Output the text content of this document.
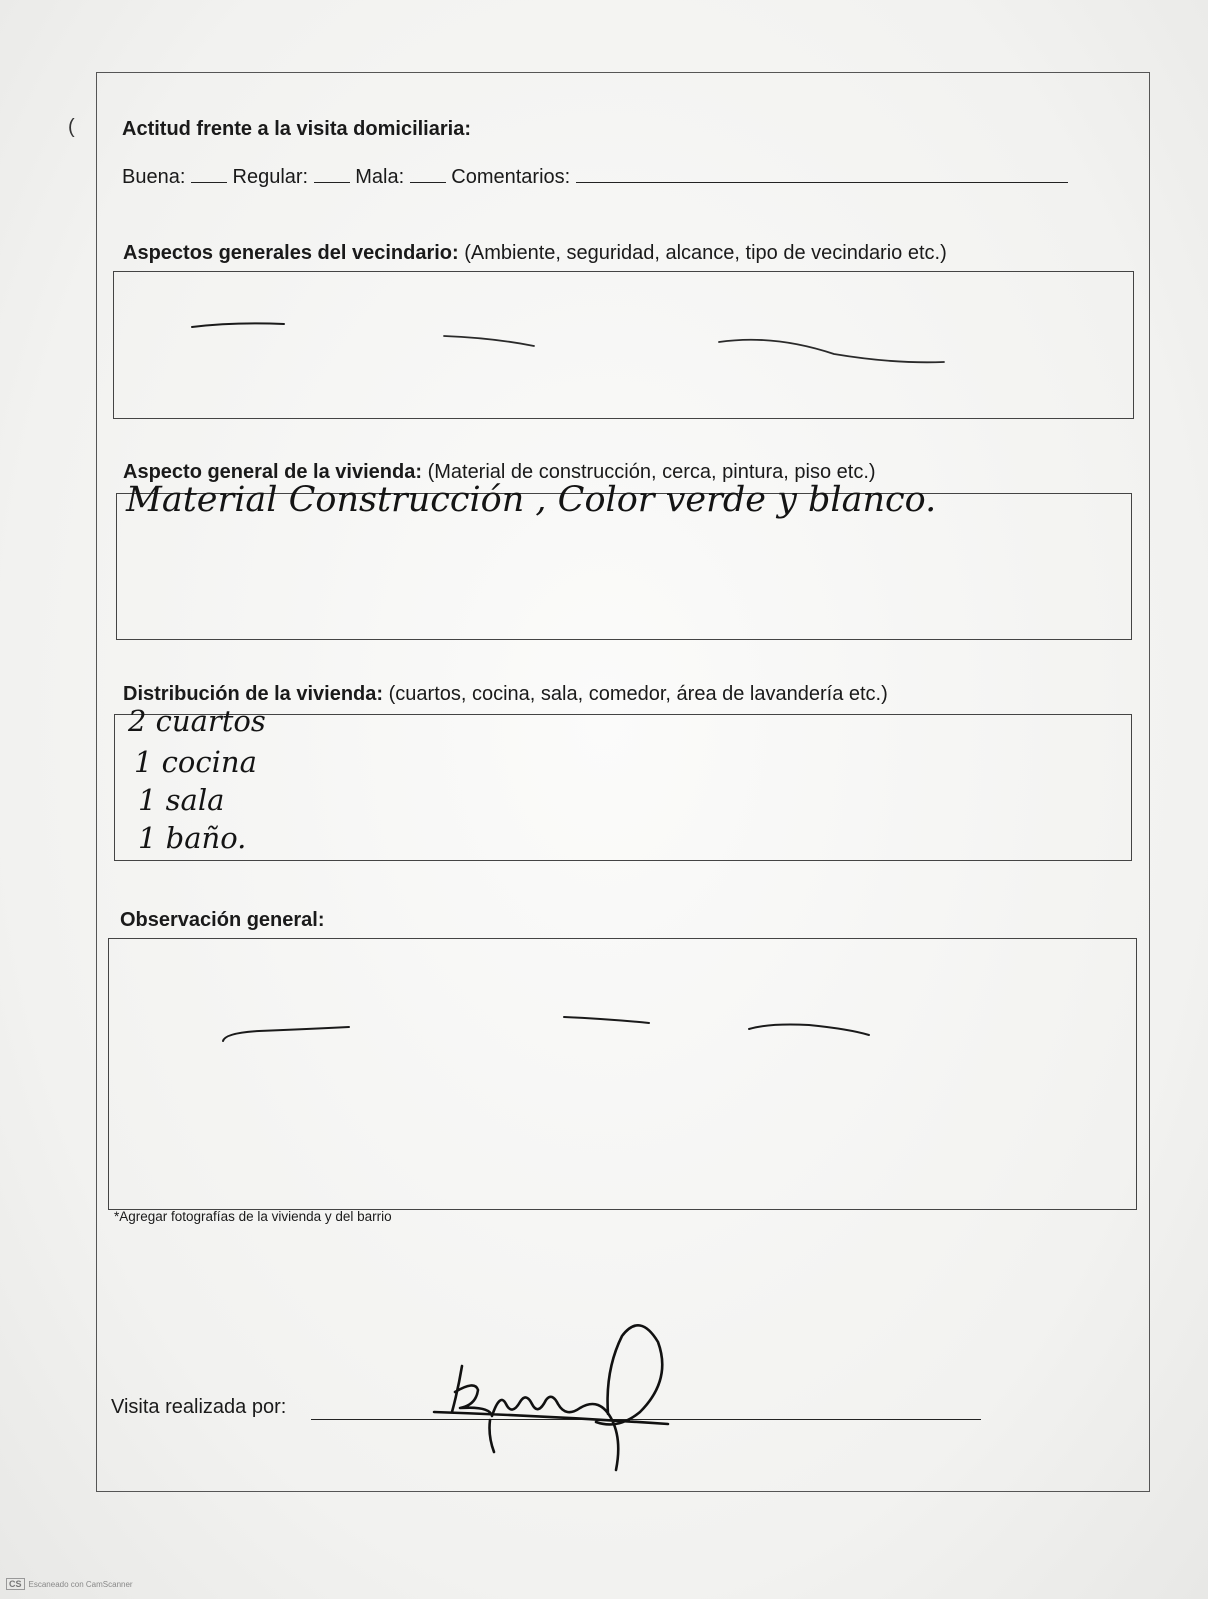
( Actitud frente a la visita domiciliaria:
Buena: Regular: Mala: Comentarios:
Aspectos generales del vecindario: (Ambiente, seguridad, alcance, tipo de vecindario etc.)
Aspecto general de la vivienda: (Material de construcción, cerca, pintura, piso etc.)
Material Construcción , Color verde y blanco.
Distribución de la vivienda: (cuartos, cocina, sala, comedor, área de lavandería etc.)
2 cuartos
1 cocina
1 sala
1 baño.
Observación general:
*Agregar fotografías de la vivienda y del barrio
Visita realizada por:
CS Escaneado con CamScanner
